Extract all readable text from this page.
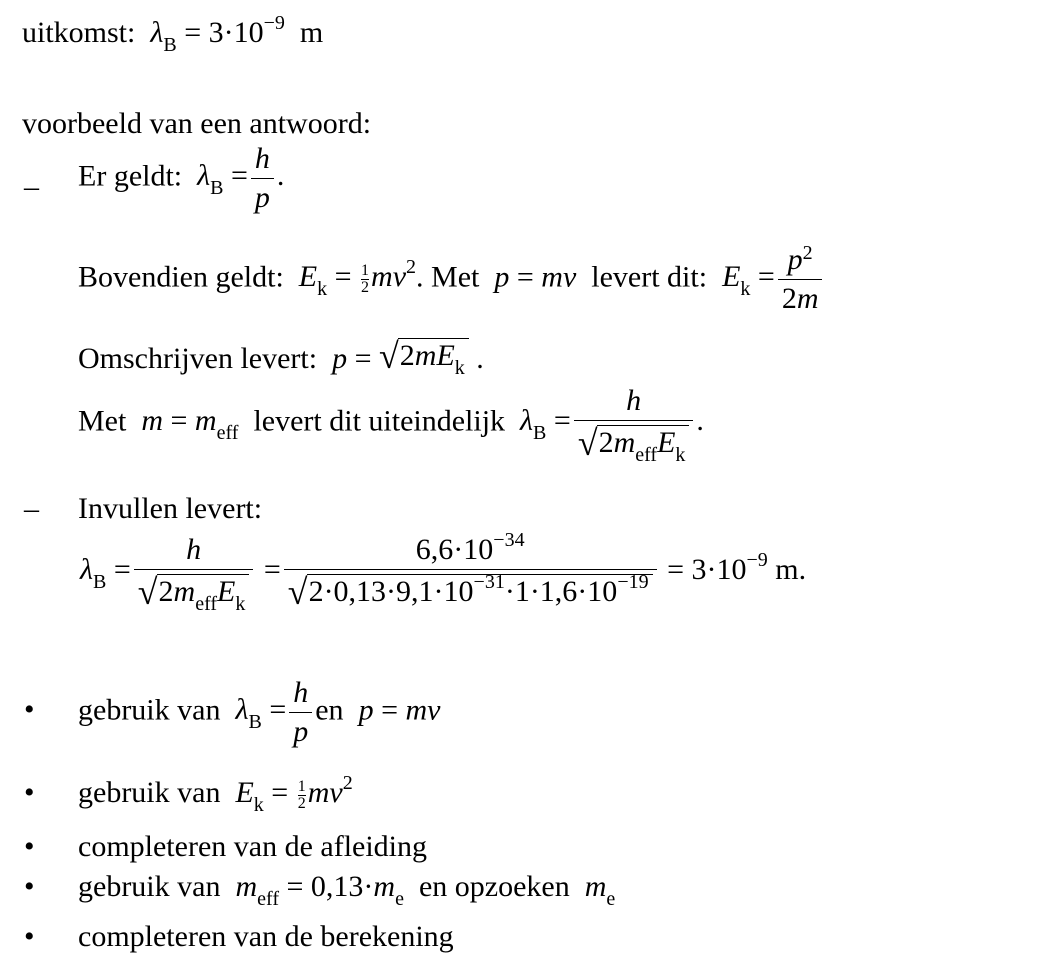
uitkomst: $\lambda_B = 3\cdot 10^{-9}$ m
voorbeeld van een antwoord:
– Er geldt: $\lambda_B = \frac{h}{p}$ .
Bovendien geldt: $E_k = \frac{1}{2} mv^2$. Met p = mv levert dit: $E_k = \frac{p^2}{2m}$
Omschrijven levert: p = √ $2mE_k$ .
Met $m = m_{eff}$ levert dit uiteindelijk $\lambda_B = \frac{h}{√ 2m_{eff}E_k}$ .
– Invullen levert:
$\lambda_B = \frac{h}{√ 2m_{eff}E_k} = \frac{6,6\cdot 10^{-34}}{√ 2\cdot 0,13\cdot 9,1\cdot 10^{-31}\cdot 1\cdot 1,6\cdot 10^{-19}} = 3\cdot 10^{-9}$ m.
• gebruik van $\lambda_B = \frac{h}{p}$ en p = mv
• gebruik van $E_k = \frac{1}{2} mv^2$
• completeren van de afleiding
• gebruik van $m_{eff} = 0,13\cdot m_e$ en opzoeken $m_e$
• completeren van de berekening
